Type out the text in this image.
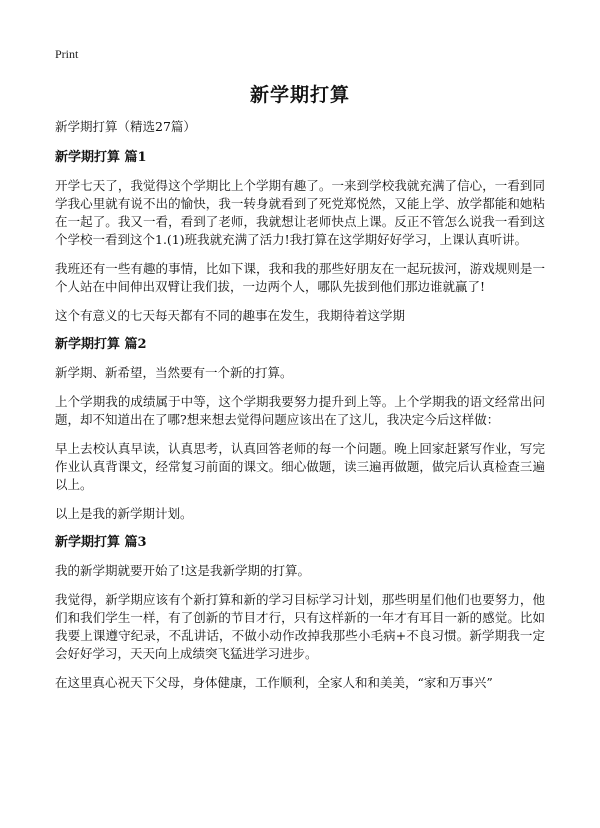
Print
新学期打算

新学期打算（精选27篇）

新学期打算 篇1

开学七天了，我觉得这个学期比上个学期有趣了。一来到学校我就充满了信心，一看到同学我心里就有说不出的愉快，我一转身就看到了死党郑悦然，又能上学、放学都能和她粘在一起了。我又一看，看到了老师，我就想让老师快点上课。反正不管怎么说我一看到这个学校一看到这个1.(1)班我就充满了活力!我打算在这学期好好学习，上课认真听讲。

我班还有一些有趣的事情，比如下课，我和我的那些好朋友在一起玩拔河，游戏规则是一个人站在中间伸出双臂让我们拔，一边两个人，哪队先拔到他们那边谁就赢了!

这个有意义的七天每天都有不同的趣事在发生，我期待着这学期

新学期打算 篇2

新学期、新希望，当然要有一个新的打算。

上个学期我的成绩属于中等，这个学期我要努力提升到上等。上个学期我的语文经常出问题，却不知道出在了哪?想来想去觉得问题应该出在了这儿，我决定今后这样做：

早上去校认真早读，认真思考，认真回答老师的每一个问题。晚上回家赶紧写作业，写完作业认真背课文，经常复习前面的课文。细心做题，读三遍再做题，做完后认真检查三遍以上。

以上是我的新学期计划。

新学期打算 篇3

我的新学期就要开始了!这是我新学期的打算。

我觉得，新学期应该有个新打算和新的学习目标学习计划，那些明星们他们也要努力，他们和我们学生一样，有了创新的节目才行，只有这样新的一年才有耳目一新的感觉。比如我要上课遵守纪录，不乱讲话，不做小动作改掉我那些小毛病+不良习惯。新学期我一定会好好学习，天天向上成绩突飞猛进学习进步。

在这里真心祝天下父母，身体健康，工作顺利，全家人和和美美，“家和万事兴”
